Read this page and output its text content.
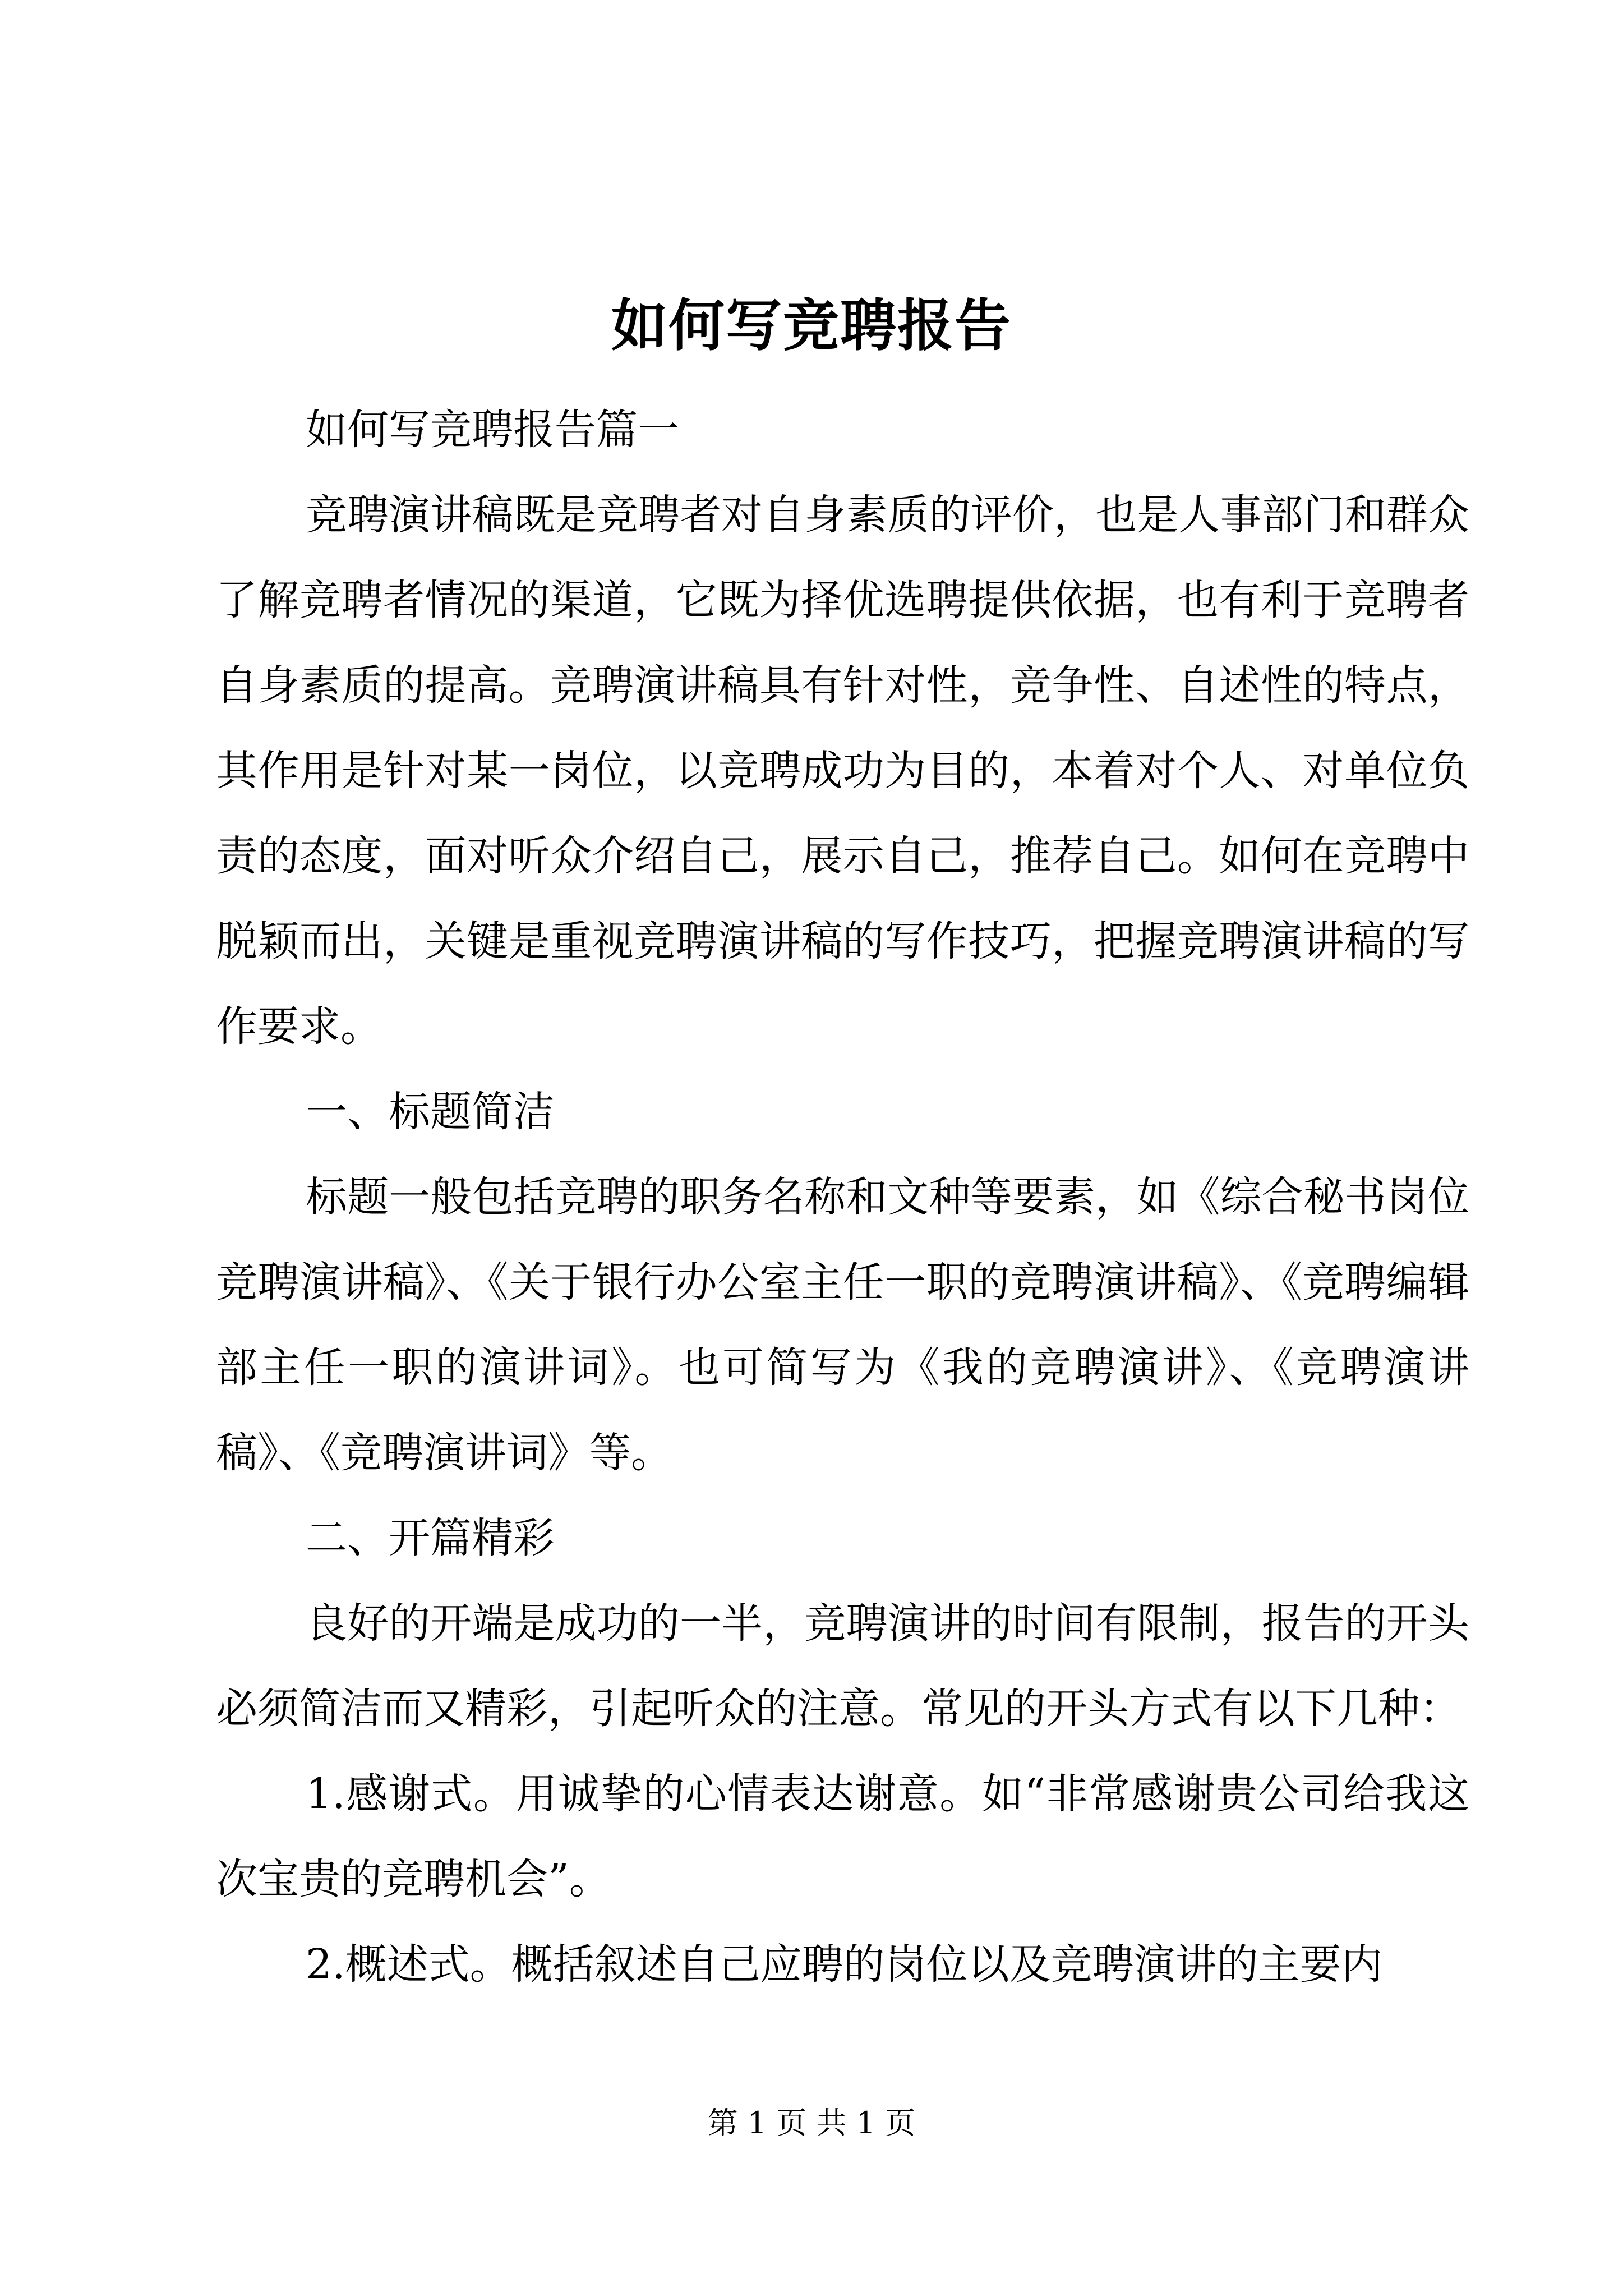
如何写竞聘报告

如何写竞聘报告篇一

竞聘演讲稿既是竞聘者对自身素质的评价，也是人事部门和群众了解竞聘者情况的渠道，它既为择优选聘提供依据，也有利于竞聘者自身素质的提高。竞聘演讲稿具有针对性，竞争性、自述性的特点，其作用是针对某一岗位，以竞聘成功为目的，本着对个人、对单位负责的态度，面对听众介绍自己，展示自己，推荐自己。如何在竞聘中脱颖而出，关键是重视竞聘演讲稿的写作技巧，把握竞聘演讲稿的写作要求。

一、标题简洁

标题一般包括竞聘的职务名称和文种等要素，如《综合秘书岗位竞聘演讲稿》、《关于银行办公室主任一职的竞聘演讲稿》、《竞聘编辑部主任一职的演讲词》。也可简写为《我的竞聘演讲》、《竞聘演讲稿》、《竞聘演讲词》等。

二、开篇精彩

良好的开端是成功的一半，竞聘演讲的时间有限制，报告的开头必须简洁而又精彩，引起听众的注意。常见的开头方式有以下几种：

1.感谢式。用诚挚的心情表达谢意。如“非常感谢贵公司给我这次宝贵的竞聘机会”。

2.概述式。概括叙述自己应聘的岗位以及竞聘演讲的主要内

第 1 页 共 1 页
